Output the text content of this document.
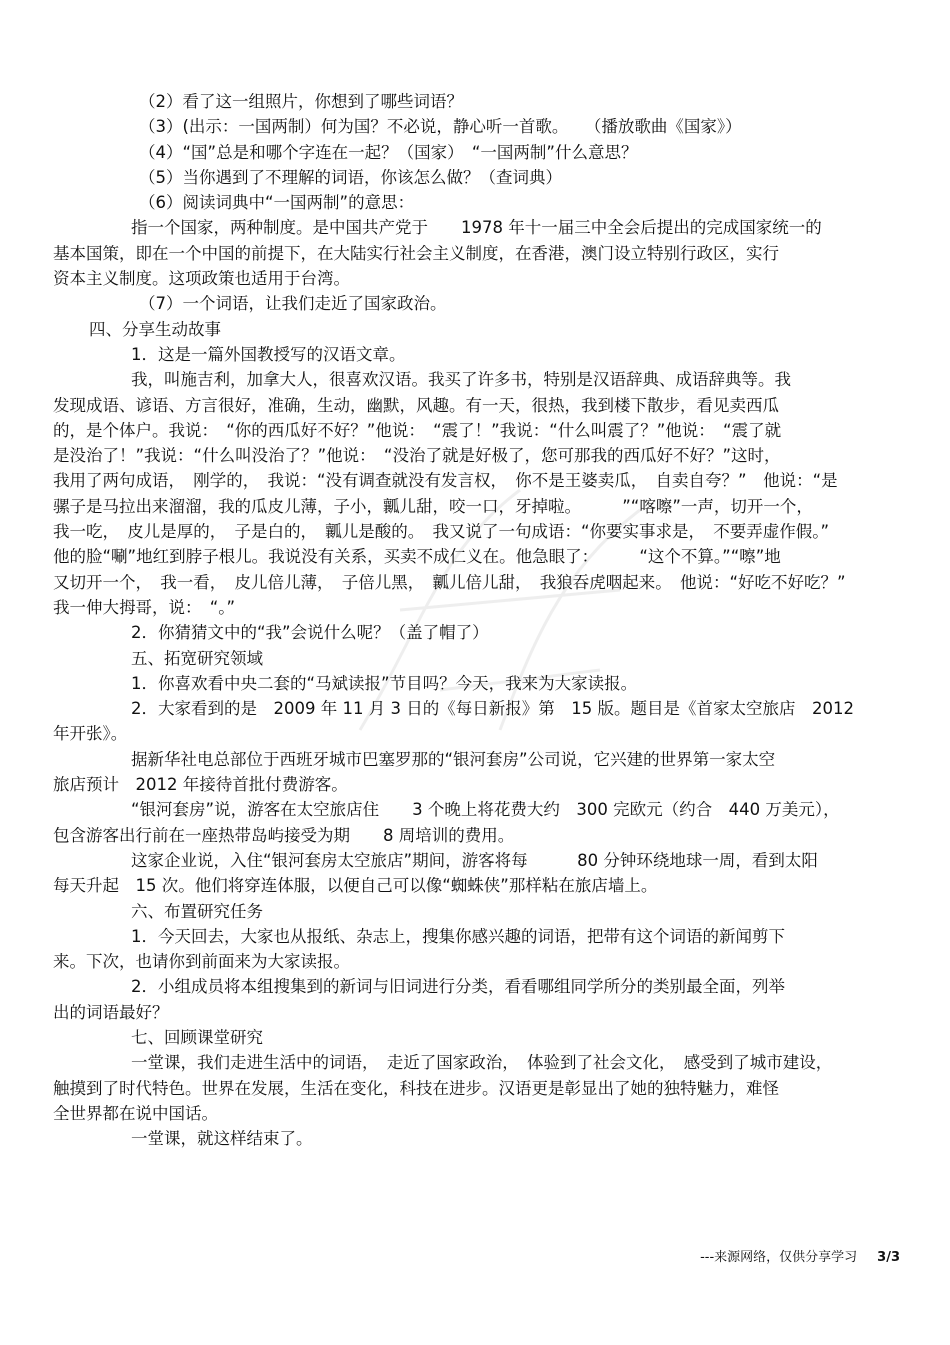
（2）看了这一组照片，你想到了哪些词语？
（3）(出示：一国两制）何为国？不必说，静心听一首歌。　　（播放歌曲《国家》）
（4）“国”总是和哪个字连在一起？（国家）　“一国两制”什么意思？
（5）当你遇到了不理解的词语，你该怎么做？（查词典）
（6）阅读词典中“一国两制”的意思：
指一个国家，两种制度。是中国共产党于　　1978 年十一届三中全会后提出的完成国家统一的
基本国策，即在一个中国的前提下，在大陆实行社会主义制度，在香港，澳门设立特别行政区，实行
资本主义制度。这项政策也适用于台湾。
（7）一个词语，让我们走近了国家政治。
四、分享生动故事
1．这是一篇外国教授写的汉语文章。
我，叫施吉利，加拿大人，很喜欢汉语。我买了许多书，特别是汉语辞典、成语辞典等。我
发现成语、谚语、方言很好，准确，生动，幽默，风趣。有一天，很热，我到楼下散步，看见卖西瓜
的，是个体户。我说：　“你的西瓜好不好？”他说：　“震了！”我说：“什么叫震了？”他说：　“震了就
是没治了！”我说：“什么叫没治了？”他说：　“没治了就是好极了，您可那我的西瓜好不好？”这时，
我用了两句成语，　刚学的，　我说：“没有调查就没有发言权，　你不是王婆卖瓜，　自卖自夸？”　他说：“是
骡子是马拉出来溜溜，我的瓜皮儿薄，子小，瓤儿甜，咬一口，牙掉啦。　　　”“喀嚓”一声，切开一个，
我一吃，　皮儿是厚的，　子是白的，　瓤儿是酸的。　我又说了一句成语：“你要实事求是，　不要弄虚作假。”
他的脸“唰”地红到脖子根儿。我说没有关系，买卖不成仁义在。他急眼了：　　　“这个不算。”“嚓”地
又切开一个，　我一看，　皮儿倍儿薄，　子倍儿黑，　瓤儿倍儿甜，　我狼吞虎咽起来。　他说：“好吃不好吃？”
我一伸大拇哥，说：　“。”
2．你猜猜文中的“我”会说什么呢？（盖了帽了）
五、拓宽研究领域
1．你喜欢看中央二套的“马斌读报”节目吗？今天，我来为大家读报。
2．大家看到的是　2009 年 11 月 3 日的《每日新报》第　15 版。题目是《首家太空旅店　2012
年开张》。
据新华社电总部位于西班牙城市巴塞罗那的“银河套房”公司说，它兴建的世界第一家太空
旅店预计　2012 年接待首批付费游客。
“银河套房”说，游客在太空旅店住　　3 个晚上将花费大约　300 完欧元（约合　440 万美元），
包含游客出行前在一座热带岛屿接受为期　　8 周培训的费用。
这家企业说，入住“银河套房太空旅店”期间，游客将每　　　80 分钟环绕地球一周，看到太阳
每天升起　15 次。他们将穿连体服，以便自己可以像“蜘蛛侠”那样粘在旅店墙上。
六、布置研究任务
1．今天回去，大家也从报纸、杂志上，搜集你感兴趣的词语，把带有这个词语的新闻剪下
来。下次，也请你到前面来为大家读报。
2．小组成员将本组搜集到的新词与旧词进行分类，看看哪组同学所分的类别最全面，列举
出的词语最好？
七、回顾课堂研究
一堂课，我们走进生活中的词语，　走近了国家政治，　体验到了社会文化，　感受到了城市建设，
触摸到了时代特色。世界在发展，生活在变化，科技在进步。汉语更是彰显出了她的独特魅力，难怪
全世界都在说中国话。
一堂课，就这样结束了。
---来源网络，仅供分享学习 3/3
